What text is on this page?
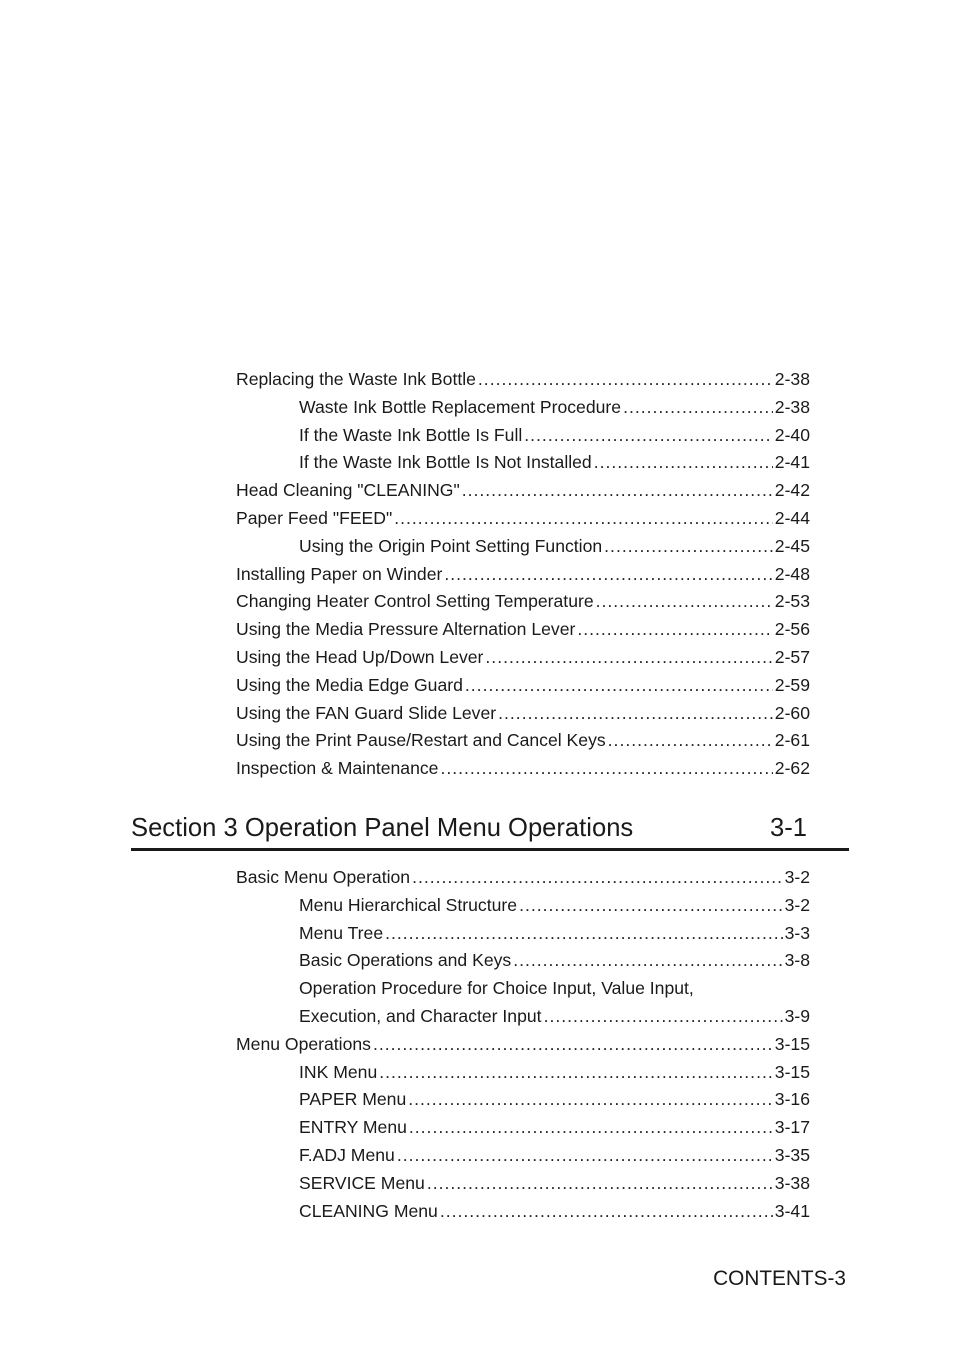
Replacing the Waste Ink Bottle .....	2-38
Waste Ink Bottle Replacement Procedure .....	2-38
If the Waste Ink Bottle Is Full .....	2-40
If the Waste Ink Bottle Is Not Installed .....	2-41
Head Cleaning "CLEANING" .....	2-42
Paper Feed "FEED" .....	2-44
Using the Origin Point Setting Function .....	2-45
Installing Paper on Winder .....	2-48
Changing Heater Control Setting Temperature .....	2-53
Using the Media Pressure Alternation Lever .....	2-56
Using the Head Up/Down Lever .....	2-57
Using the Media Edge Guard .....	2-59
Using the FAN Guard Slide Lever .....	2-60
Using the Print Pause/Restart and Cancel Keys .....	2-61
Inspection & Maintenance .....	2-62
Section 3 Operation Panel Menu Operations	3-1
Basic Menu Operation .....	3-2
Menu Hierarchical Structure .....	3-2
Menu Tree .....	3-3
Basic Operations and Keys .....	3-8
Operation Procedure for Choice Input, Value Input,
Execution, and Character Input .....	3-9
Menu Operations .....	3-15
INK Menu .....	3-15
PAPER Menu .....	3-16
ENTRY Menu .....	3-17
F.ADJ Menu .....	3-35
SERVICE Menu .....	3-38
CLEANING Menu .....	3-41
CONTENTS-3
